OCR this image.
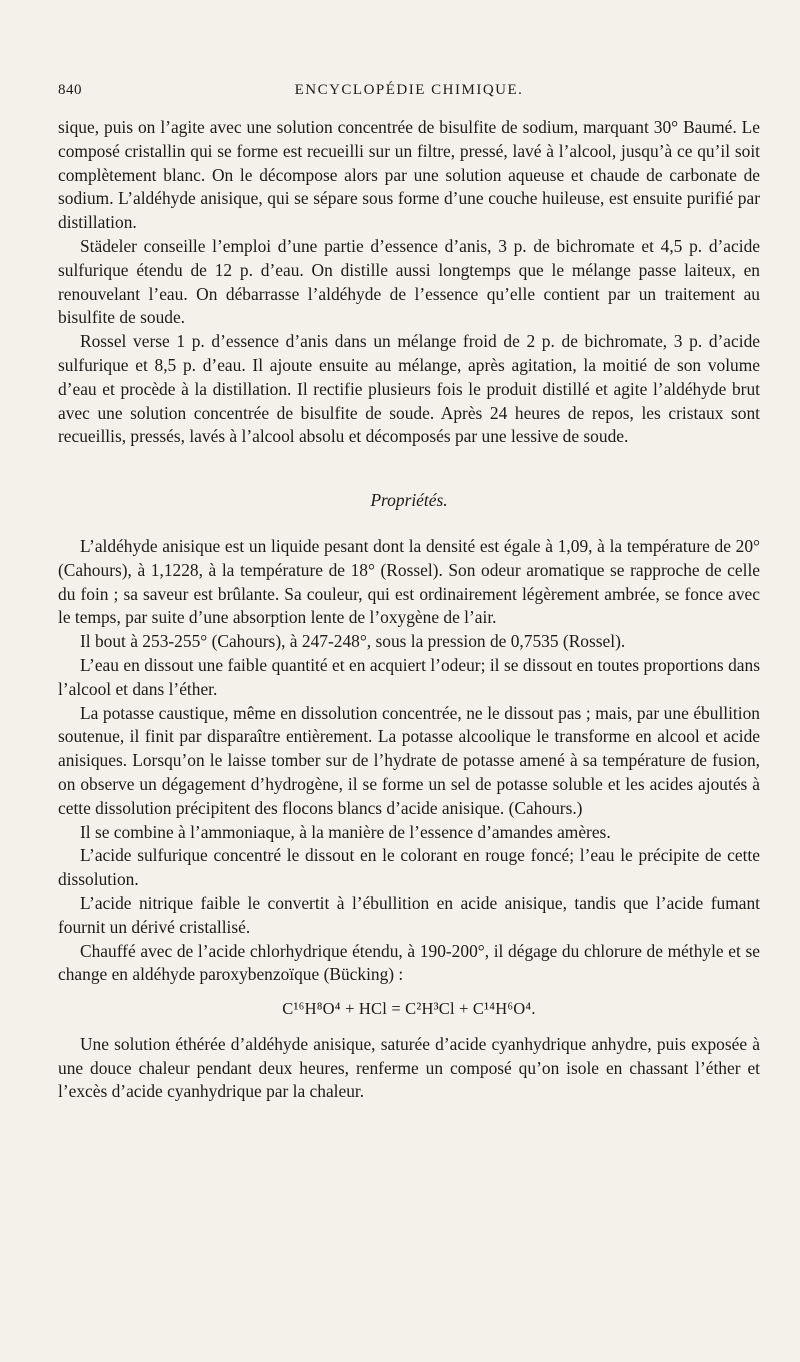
840	ENCYCLOPÉDIE CHIMIQUE.

sique, puis on l’agite avec une solution concentrée de bisulfite de sodium, marquant 30° Baumé. Le composé cristallin qui se forme est recueilli sur un filtre, pressé, lavé à l’alcool, jusqu’à ce qu’il soit complètement blanc. On le décompose alors par une solution aqueuse et chaude de carbonate de sodium. L’aldéhyde anisique, qui se sépare sous forme d’une couche huileuse, est ensuite purifié par distillation.

Städeler conseille l’emploi d’une partie d’essence d’anis, 3 p. de bichromate et 4,5 p. d’acide sulfurique étendu de 12 p. d’eau. On distille aussi longtemps que le mélange passe laiteux, en renouvelant l’eau. On débarrasse l’aldéhyde de l’essence qu’elle contient par un traitement au bisulfite de soude.

Rossel verse 1 p. d’essence d’anis dans un mélange froid de 2 p. de bichromate, 3 p. d’acide sulfurique et 8,5 p. d’eau. Il ajoute ensuite au mélange, après agitation, la moitié de son volume d’eau et procède à la distillation. Il rectifie plusieurs fois le produit distillé et agite l’aldéhyde brut avec une solution concentrée de bisulfite de soude. Après 24 heures de repos, les cristaux sont recueillis, pressés, lavés à l’alcool absolu et décomposés par une lessive de soude.

Propriétés.

L’aldéhyde anisique est un liquide pesant dont la densité est égale à 1,09, à la température de 20° (Cahours), à 1,1228, à la température de 18° (Rossel). Son odeur aromatique se rapproche de celle du foin ; sa saveur est brûlante. Sa couleur, qui est ordinairement légèrement ambrée, se fonce avec le temps, par suite d’une absorption lente de l’oxygène de l’air.

Il bout à 253-255° (Cahours), à 247-248°, sous la pression de 0,7535 (Rossel).

L’eau en dissout une faible quantité et en acquiert l’odeur; il se dissout en toutes proportions dans l’alcool et dans l’éther.

La potasse caustique, même en dissolution concentrée, ne le dissout pas ; mais, par une ébullition soutenue, il finit par disparaître entièrement. La potasse alcoolique le transforme en alcool et acide anisiques. Lorsqu’on le laisse tomber sur de l’hydrate de potasse amené à sa température de fusion, on observe un dégagement d’hydrogène, il se forme un sel de potasse soluble et les acides ajoutés à cette dissolution précipitent des flocons blancs d’acide anisique. (Cahours.)

Il se combine à l’ammoniaque, à la manière de l’essence d’amandes amères.

L’acide sulfurique concentré le dissout en le colorant en rouge foncé; l’eau le précipite de cette dissolution.

L’acide nitrique faible le convertit à l’ébullition en acide anisique, tandis que l’acide fumant fournit un dérivé cristallisé.

Chauffé avec de l’acide chlorhydrique étendu, à 190-200°, il dégage du chlorure de méthyle et se change en aldéhyde paroxybenzoïque (Bücking) :

C¹⁶H⁸O⁴ + HCl = C²H³Cl + C¹⁴H⁶O⁴.

Une solution éthérée d’aldéhyde anisique, saturée d’acide cyanhydrique anhydre, puis exposée à une douce chaleur pendant deux heures, renferme un composé qu’on isole en chassant l’éther et l’excès d’acide cyanhydrique par la chaleur.
